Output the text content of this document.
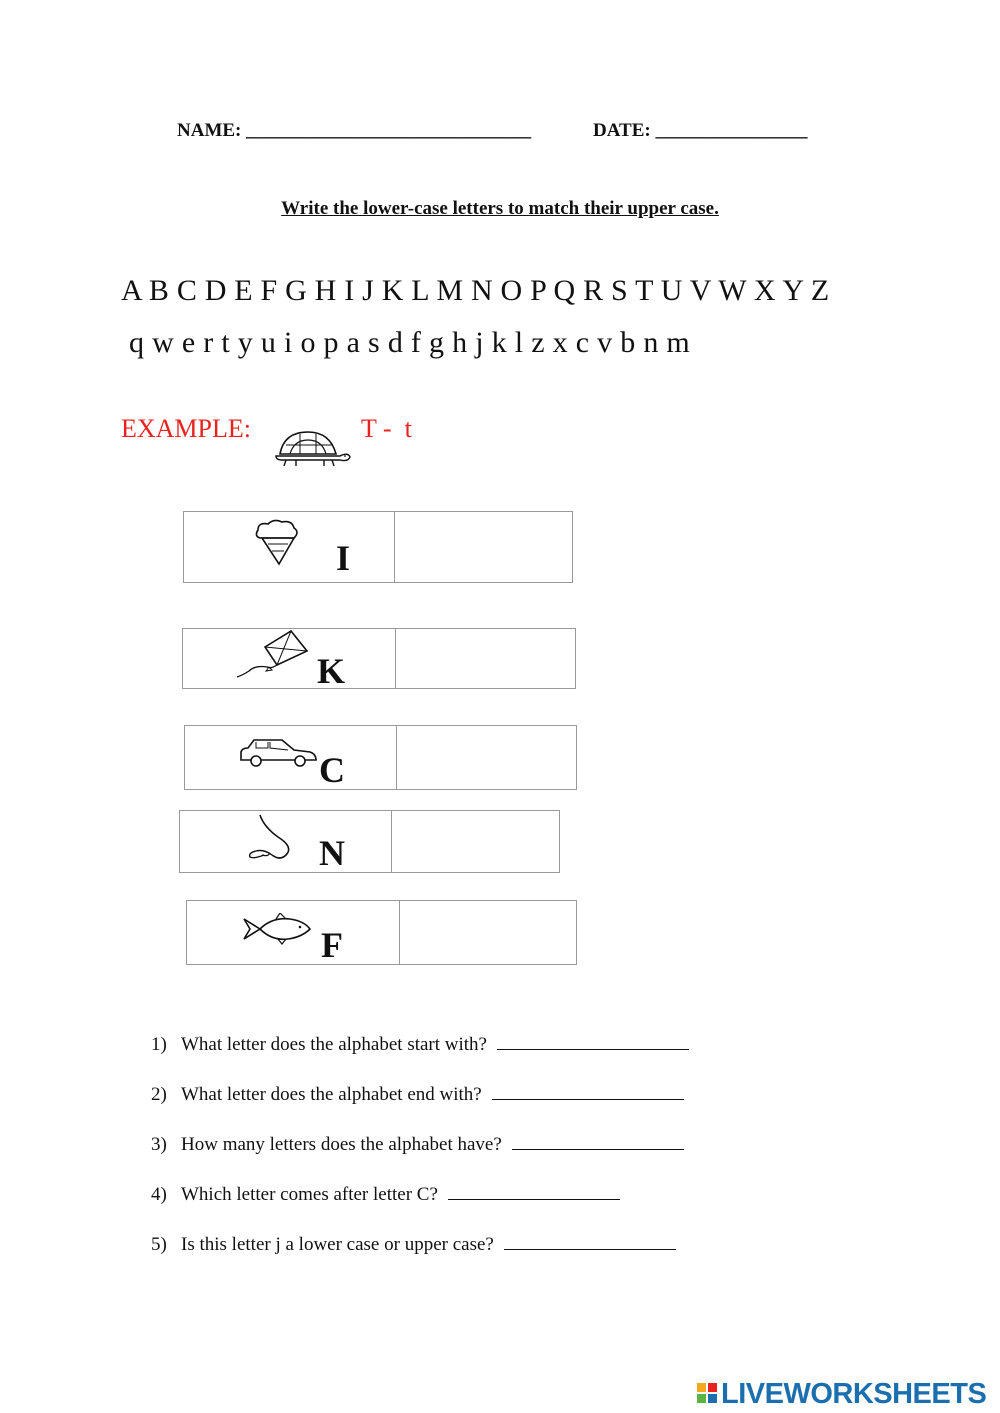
NAME: ______________________________	DATE: ________________
Write the lower-case letters to match their upper case.
A B C D E F G H I J K L M N O P Q R S T U V W X Y Z
q w e r t y u i o p a s d f g h j k l z x c v b n m
EXAMPLE:	T -  t
I
K
C
N
F
1) What letter does the alphabet start with?
2) What letter does the alphabet end with?
3) How many letters does the alphabet have?
4) Which letter comes after letter C?
5) Is this letter j a lower case or upper case?
LIVEWORKSHEETS
